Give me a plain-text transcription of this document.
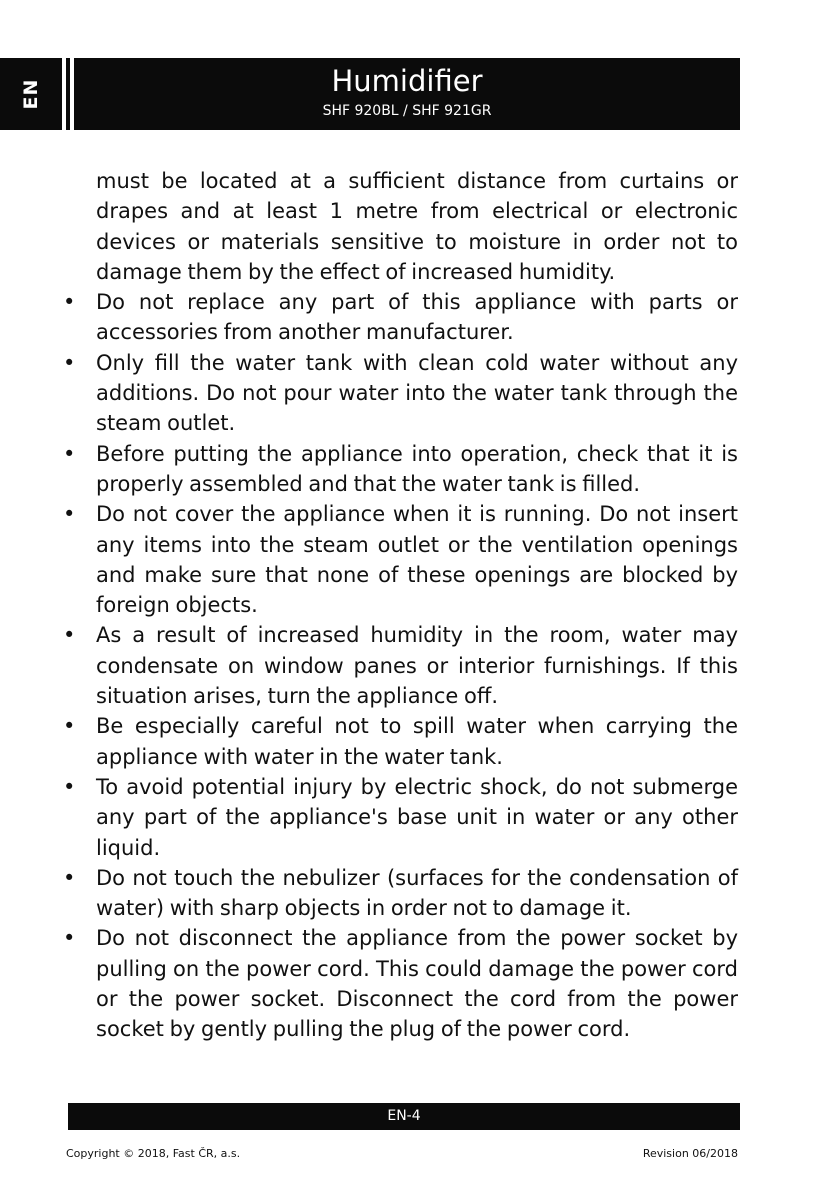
EN	Humidifier
SHF 920BL / SHF 921GR

must be located at a sufficient distance from curtains or drapes and at least 1 metre from electrical or electronic devices or materials sensitive to moisture in order not to damage them by the effect of increased humidity.

• Do not replace any part of this appliance with parts or accessories from another manufacturer.
• Only fill the water tank with clean cold water without any additions. Do not pour water into the water tank through the steam outlet.
• Before putting the appliance into operation, check that it is properly assembled and that the water tank is filled.
• Do not cover the appliance when it is running. Do not insert any items into the steam outlet or the ventilation openings and make sure that none of these openings are blocked by foreign objects.
• As a result of increased humidity in the room, water may condensate on window panes or interior furnishings. If this situation arises, turn the appliance off.
• Be especially careful not to spill water when carrying the appliance with water in the water tank.
• To avoid potential injury by electric shock, do not submerge any part of the appliance's base unit in water or any other liquid.
• Do not touch the nebulizer (surfaces for the condensation of water) with sharp objects in order not to damage it.
• Do not disconnect the appliance from the power socket by pulling on the power cord. This could damage the power cord or the power socket. Disconnect the cord from the power socket by gently pulling the plug of the power cord.
EN-4
Copyright © 2018, Fast ČR, a.s.	Revision 06/2018
